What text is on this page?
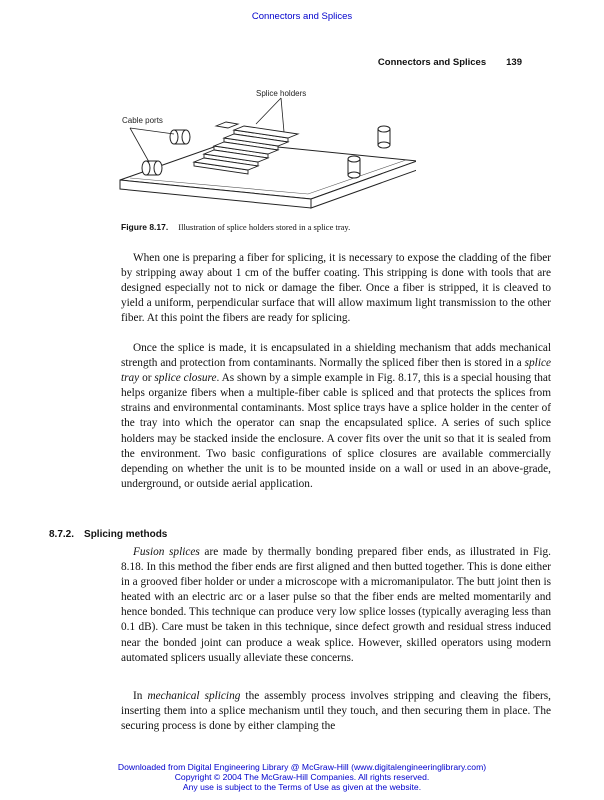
Connectors and Splices
Connectors and Splices 139
Splice holders
Cable ports
Figure 8.17. Illustration of splice holders stored in a splice tray.

When one is preparing a fiber for splicing, it is necessary to expose the cladding of the fiber by stripping away about 1 cm of the buffer coating. This stripping is done with tools that are designed especially not to nick or damage the fiber. Once a fiber is stripped, it is cleaved to yield a uniform, perpendicular surface that will allow maximum light transmission to the other fiber. At this point the fibers are ready for splicing.

Once the splice is made, it is encapsulated in a shielding mechanism that adds mechanical strength and protection from contaminants. Normally the spliced fiber then is stored in a splice tray or splice closure. As shown by a simple example in Fig. 8.17, this is a special housing that helps organize fibers when a multiple-fiber cable is spliced and that protects the splices from strains and environmental contaminants. Most splice trays have a splice holder in the center of the tray into which the operator can snap the encapsulated splice. A series of such splice holders may be stacked inside the enclosure. A cover fits over the unit so that it is sealed from the environment. Two basic configurations of splice closures are available commercially depending on whether the unit is to be mounted inside on a wall or used in an above-grade, underground, or outside aerial application.

8.7.2. Splicing methods

Fusion splices are made by thermally bonding prepared fiber ends, as illustrated in Fig. 8.18. In this method the fiber ends are first aligned and then butted together. This is done either in a grooved fiber holder or under a microscope with a micromanipulator. The butt joint then is heated with an electric arc or a laser pulse so that the fiber ends are melted momentarily and hence bonded. This technique can produce very low splice losses (typically averaging less than 0.1 dB). Care must be taken in this technique, since defect growth and residual stress induced near the bonded joint can produce a weak splice. However, skilled operators using modern automated splicers usually alleviate these concerns.

In mechanical splicing the assembly process involves stripping and cleaving the fibers, inserting them into a splice mechanism until they touch, and then securing them in place. The securing process is done by either clamping the

Downloaded from Digital Engineering Library @ McGraw-Hill (www.digitalengineeringlibrary.com)
Copyright © 2004 The McGraw-Hill Companies. All rights reserved.
Any use is subject to the Terms of Use as given at the website.
